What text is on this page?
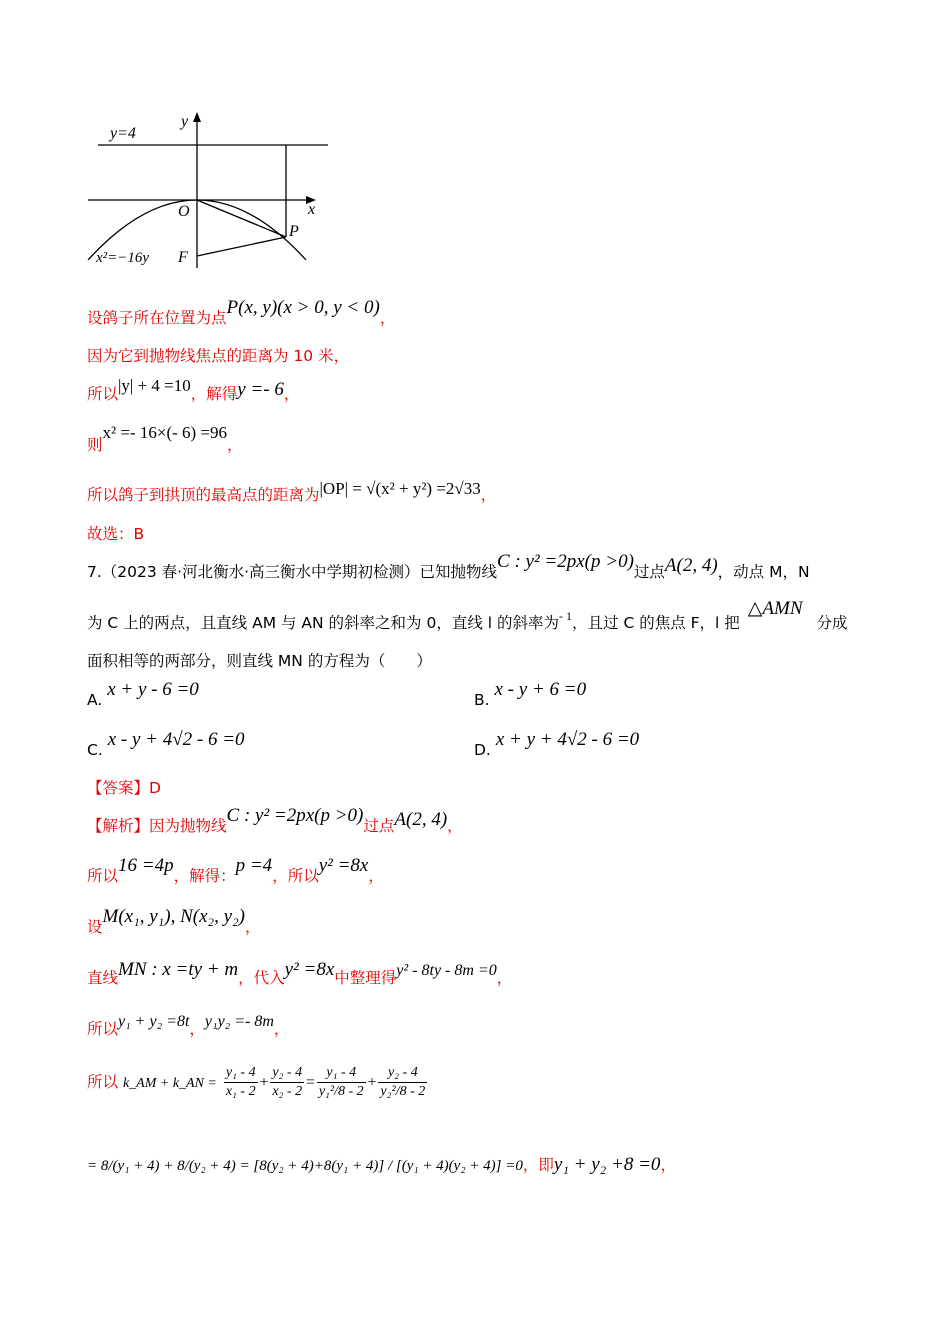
y=4
y
x
O
P
F
x²=−16y
设鸽子所在位置为点P(x, y)(x > 0, y < 0)，
因为它到抛物线焦点的距离为 10 米，
所以|y| + 4 =10，解得y =- 6，
则x² =- 16×(- 6) =96，
所以鸽子到拱顶的最高点的距离为|OP| = √(x² + y²) =2√33，
故选：B
7.（2023 春·河北衡水·高三衡水中学期初检测）已知抛物线C : y² =2px(p >0)过点A(2, 4)，动点 M，N
为 C 上的两点，且直线 AM 与 AN 的斜率之和为 0，直线 l 的斜率为$^{- 1}$，且过 C 的焦点 F，l 把△AMN分成
面积相等的两部分，则直线 MN 的方程为（　　）
A. x + y - 6 =0	B. x - y + 6 =0
C. x - y + 4√2 - 6 =0	D. x + y + 4√2 - 6 =0
【答案】D
【解析】因为抛物线C : y² =2px(p >0)过点A(2, 4)，
所以16 =4p，解得：p =4，所以y² =8x，
设M(x₁, y₁), N(x₂, y₂)，
直线MN : x =ty + m，代入y² =8x中整理得y² - 8ty - 8m =0，
所以y₁ + y₂ =8t，y₁y₂ =- 8m，
所以 k_AM + k_AN = $\frac{\text{y₁ - 4}}{\text{x₁ - 2}} + \frac{\text{y₂ - 4}}{\text{x₂ - 2}} = \frac{\text{y₁ - 4}}{\text{y₁²/8 - 2}} + \frac{\text{y₂ - 4}}{\text{y₂²/8 - 2}}$
= 8/(y₁ + 4) + 8/(y₂ + 4) = [8(y₂ + 4)+8(y₁ + 4)] / [(y₁ + 4)(y₂ + 4)] =0，即y₁ + y₂ +8 =0，
